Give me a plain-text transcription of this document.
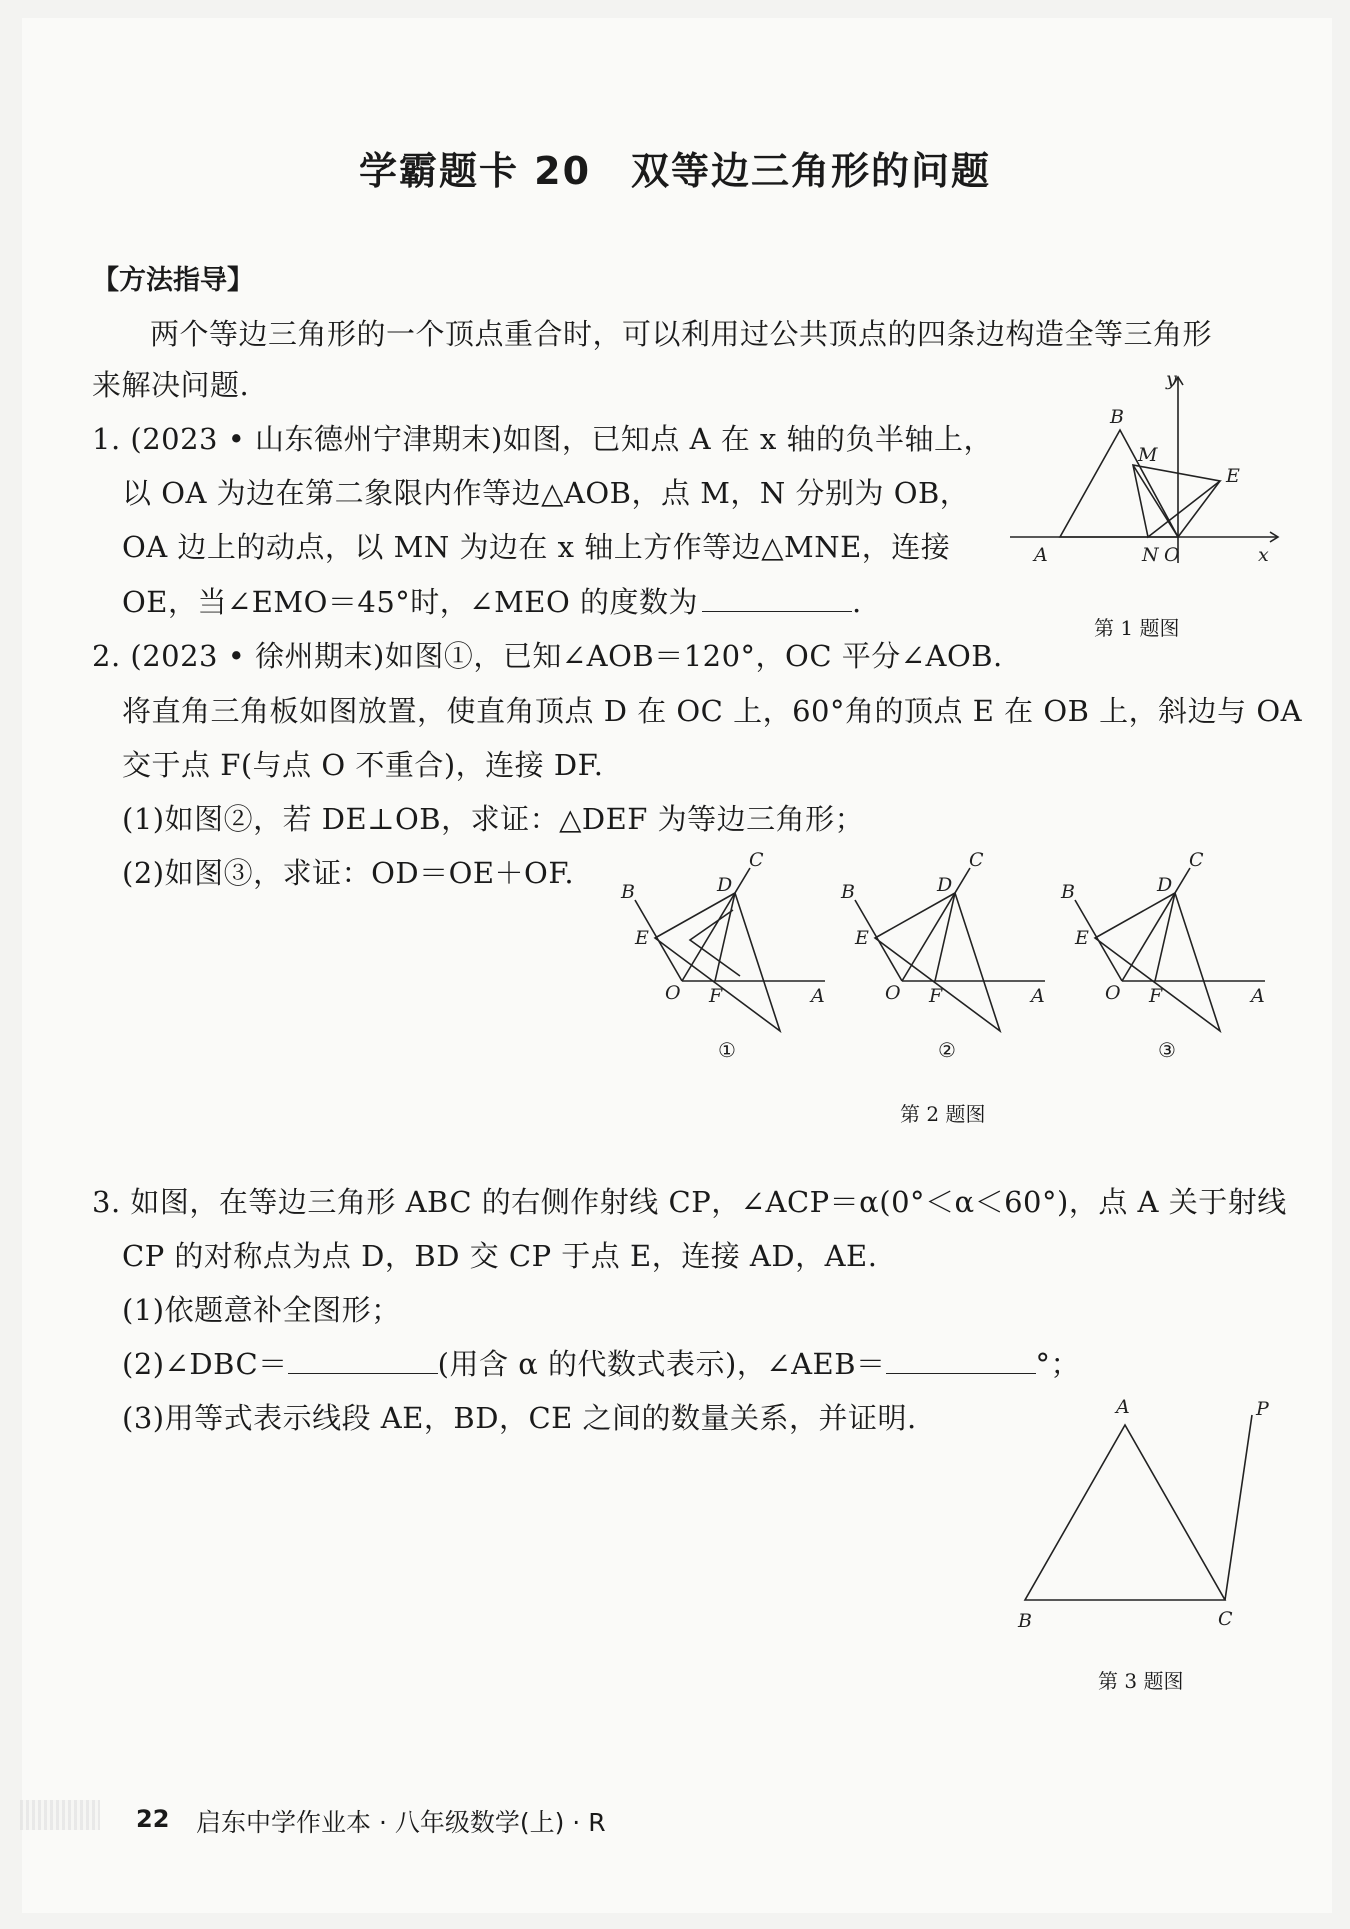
学霸题卡 20　双等边三角形的问题
【方法指导】
两个等边三角形的一个顶点重合时，可以利用过公共顶点的四条边构造全等三角形
来解决问题.
1. (2023 • 山东德州宁津期末)如图，已知点 A 在 x 轴的负半轴上，
以 OA 为边在第二象限内作等边△AOB，点 M，N 分别为 OB，
OA 边上的动点，以 MN 为边在 x 轴上方作等边△MNE，连接
OE，当∠EMO＝45°时，∠MEO 的度数为	.
y
B
M
E
A	N O	x
第 1 题图
2. (2023 • 徐州期末)如图①，已知∠AOB＝120°，OC 平分∠AOB.
将直角三角板如图放置，使直角顶点 D 在 OC 上，60°角的顶点 E 在 OB 上，斜边与 OA
交于点 F(与点 O 不重合)，连接 DF.
(1)如图②，若 DE⊥OB，求证：△DEF 为等边三角形；
(2)如图③，求证：OD＝OE＋OF.
B
C
D
E
O F	A
①
B
C
D
E
O F	A
②
B
C
D
E
O F	A
③
第 2 题图
3. 如图，在等边三角形 ABC 的右侧作射线 CP，∠ACP＝α(0°＜α＜60°)，点 A 关于射线
CP 的对称点为点 D，BD 交 CP 于点 E，连接 AD，AE.
(1)依题意补全图形；
(2)∠DBC＝	(用含 α 的代数式表示)，∠AEB＝	°；
(3)用等式表示线段 AE，BD，CE 之间的数量关系，并证明.	A	P
B	C
第 3 题图
22 启东中学作业本 · 八年级数学(上) · R
